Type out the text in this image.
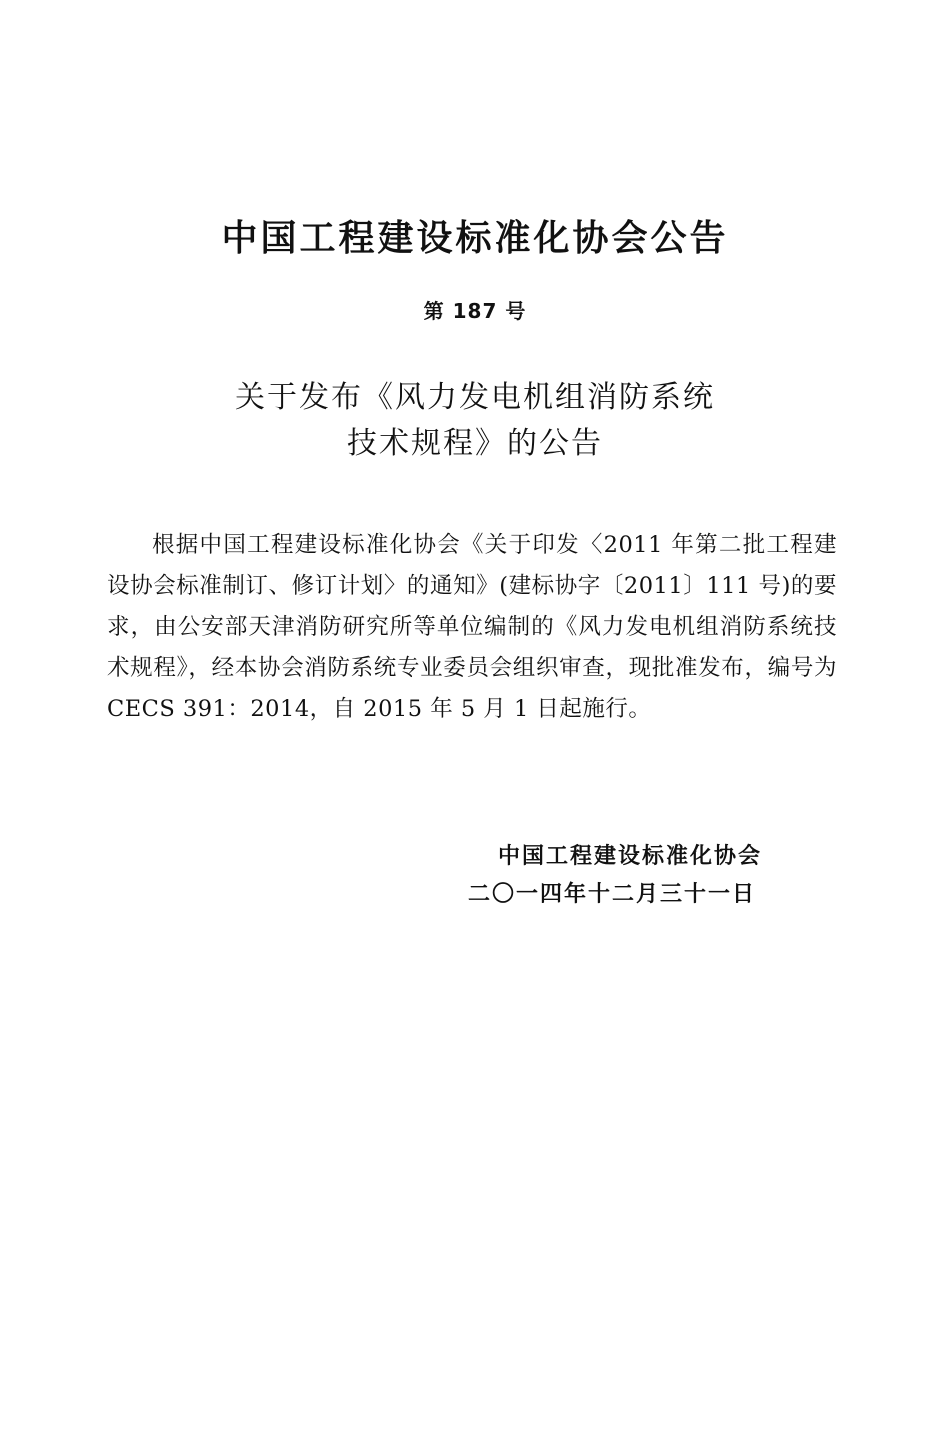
中国工程建设标准化协会公告
第 187 号
关于发布《风力发电机组消防系统
技术规程》的公告
根据中国工程建设标准化协会《关于印发〈2011 年第二批工程建设协会标准制订、修订计划〉的通知》(建标协字〔2011〕111 号)的要求，由公安部天津消防研究所等单位编制的《风力发电机组消防系统技术规程》，经本协会消防系统专业委员会组织审查，现批准发布，编号为 CECS 391：2014，自 2015 年 5 月 1 日起施行。
中国工程建设标准化协会
二〇一四年十二月三十一日
